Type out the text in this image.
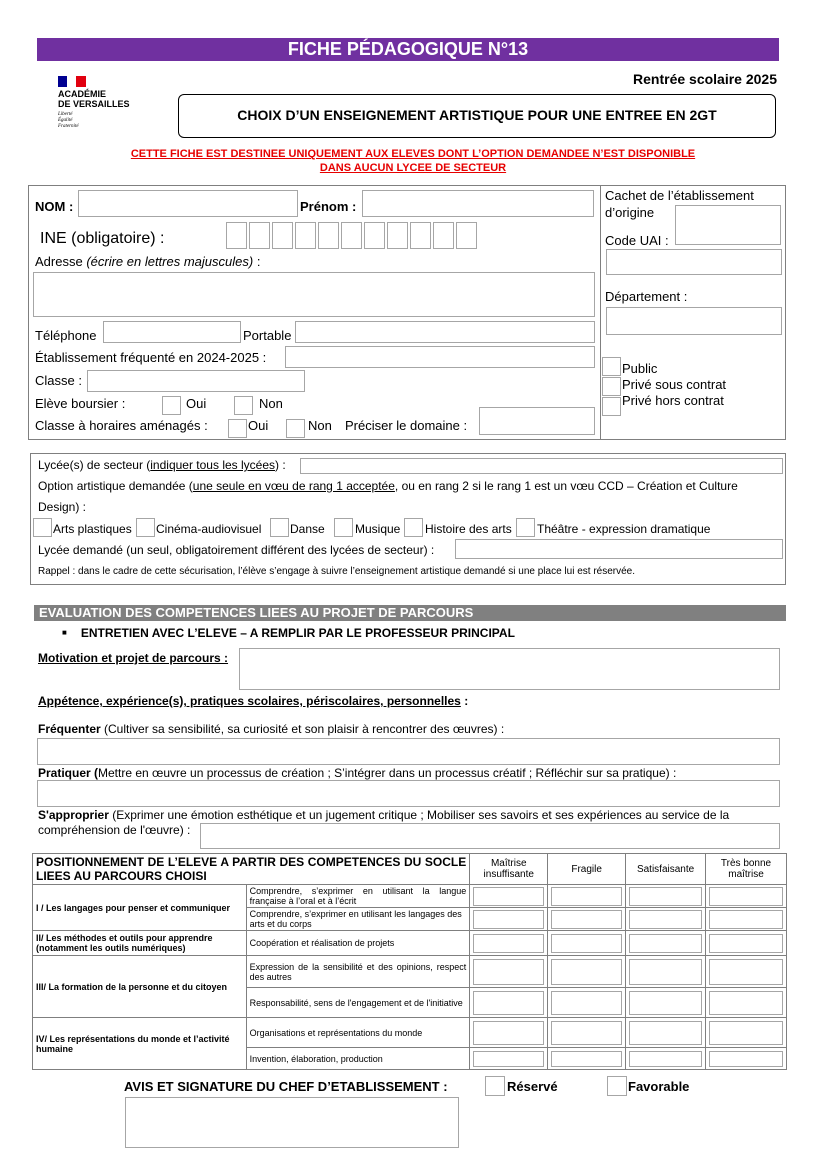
FICHE PÉDAGOGIQUE N°13
ACADÉMIE
DE VERSAILLES
Liberté
Égalité
Fraternité
Rentrée scolaire 2025
CHOIX D’UN ENSEIGNEMENT ARTISTIQUE POUR UNE ENTREE EN 2GT
CETTE FICHE EST DESTINEE UNIQUEMENT AUX ELEVES DONT L’OPTION DEMANDEE N’EST DISPONIBLE
DANS AUCUN LYCEE DE SECTEUR
NOM :	Prénom :
INE (obligatoire) :
Adresse (écrire en lettres majuscules) :
Téléphone	Portable
Établissement fréquenté en 2024-2025 :
Classe :
Elève boursier :	Oui	Non
Classe à horaires aménagés :	Oui	Non Préciser le domaine :
Cachet de l’établissement
d’origine
Code UAI :
Département :
Public
Privé sous contrat
Privé hors contrat
Lycée(s) de secteur (indiquer tous les lycées) :
Option artistique demandée (une seule en vœu de rang 1 acceptée, ou en rang 2 si le rang 1 est un vœu CCD – Création et Culture
Design) :
Arts plastiques Cinéma-audiovisuel Danse	Musique Histoire des arts Théâtre - expression dramatique
Lycée demandé (un seul, obligatoirement différent des lycées de secteur) :
Rappel : dans le cadre de cette sécurisation, l’élève s’engage à suivre l’enseignement artistique demandé si une place lui est réservée.
EVALUATION DES COMPETENCES LIEES AU PROJET DE PARCOURS
■ ENTRETIEN AVEC L’ELEVE – A REMPLIR PAR LE PROFESSEUR PRINCIPAL
Motivation et projet de parcours :
Appétence, expérience(s), pratiques scolaires, périscolaires, personnelles :
Fréquenter (Cultiver sa sensibilité, sa curiosité et son plaisir à rencontrer des œuvres) :
Pratiquer (Mettre en œuvre un processus de création ; S’intégrer dans un processus créatif ; Réfléchir sur sa pratique) :
S'approprier (Exprimer une émotion esthétique et un jugement critique ; Mobiliser ses savoirs et ses expériences au service de la
compréhension de l'œuvre) :
POSITIONNEMENT DE L’ELEVE A PARTIR DES COMPETENCES DU SOCLE LIEES AU PARCOURS CHOISI		Maîtrise insuffisante	Fragile	Satisfaisante	Très bonne maîtrise
I / Les langages pour penser et communiquer	Comprendre, s’exprimer en utilisant la langue française à l’oral et à l’écrit	

	Comprendre, s’exprimer en utilisant les langages des arts et du corps	

II/ Les méthodes et outils pour apprendre (notamment les outils numériques)	Coopération et réalisation de projets	

III/ La formation de la personne et du citoyen	Expression de la sensibilité et des opinions, respect des autres	

	Responsabilité, sens de l'engagement et de l'initiative	

IV/ Les représentations du monde et l’activité humaine	Organisations et représentations du monde	

	Invention, élaboration, production	

AVIS ET SIGNATURE DU CHEF D’ETABLISSEMENT :	Réservé	Favorable
